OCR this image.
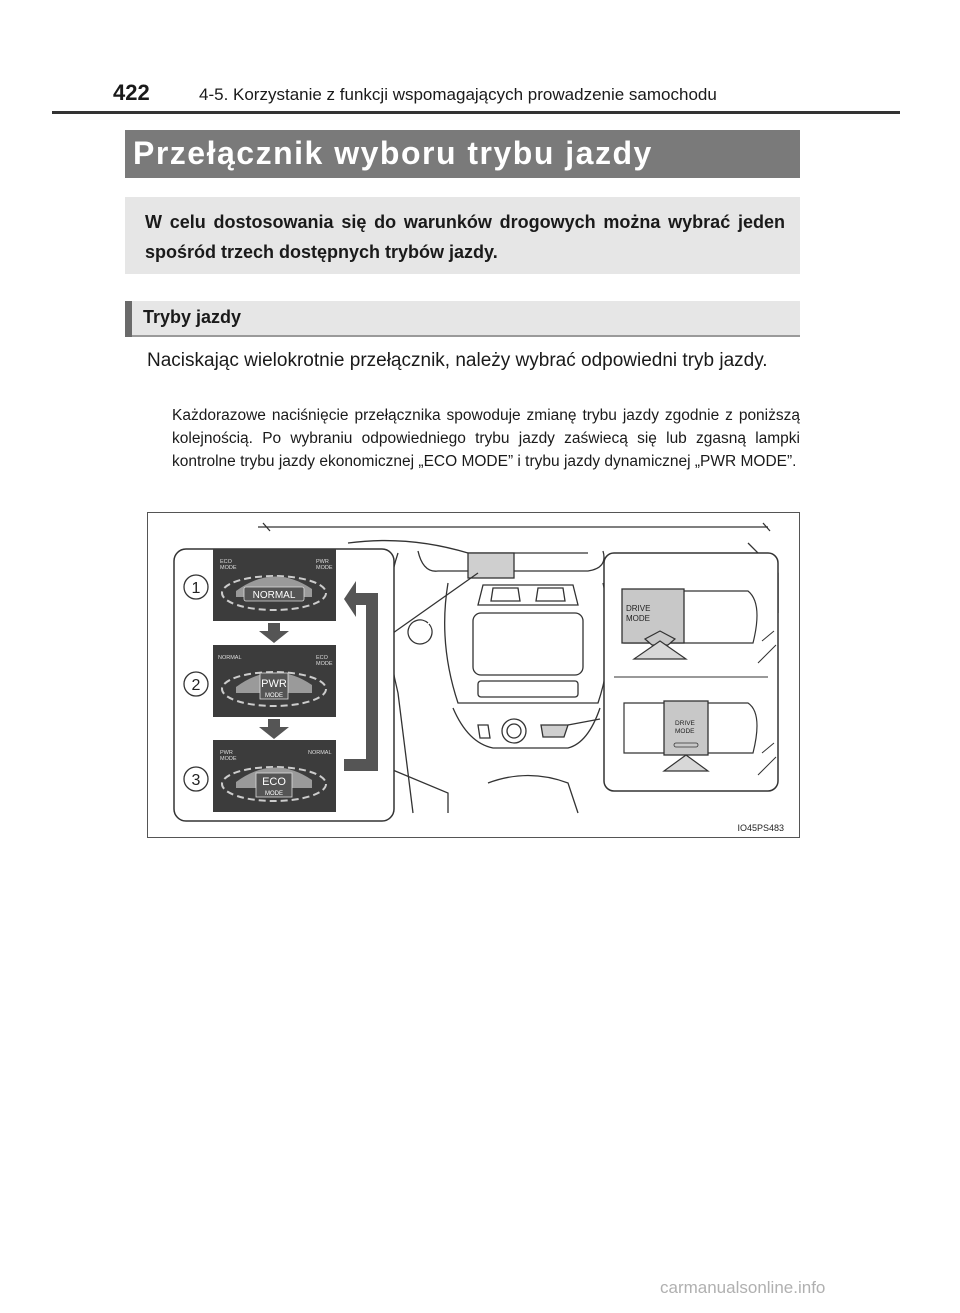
422	4-5. Korzystanie z funkcji wspomagających prowadzenie samochodu
Przełącznik wyboru trybu jazdy
W celu dostosowania się do warunków drogowych można wybrać jeden spośród trzech dostępnych trybów jazdy.
Tryby jazdy
Naciskając wielokrotnie przełącznik, należy wybrać odpowiedni tryb jazdy.
Każdorazowe naciśnięcie przełącznika spowoduje zmianę trybu jazdy zgodnie z poniższą kolejnością. Po wybraniu odpowiedniego trybu jazdy zaświecą się lub zgasną lampki kontrolne trybu jazdy ekonomicznej „ECO MODE” i trybu jazdy dynamicznej „PWR MODE”.
NORMAL
ECO
MODE
PWR
MODE
PWR
MODE
NORMAL	ECO
MODE
ECO
MODE
PWR
MODE
NORMAL
1
2
3
DRIVE
MODE
DRIVE
MODE
IO45PS483
carmanualsonline.info
